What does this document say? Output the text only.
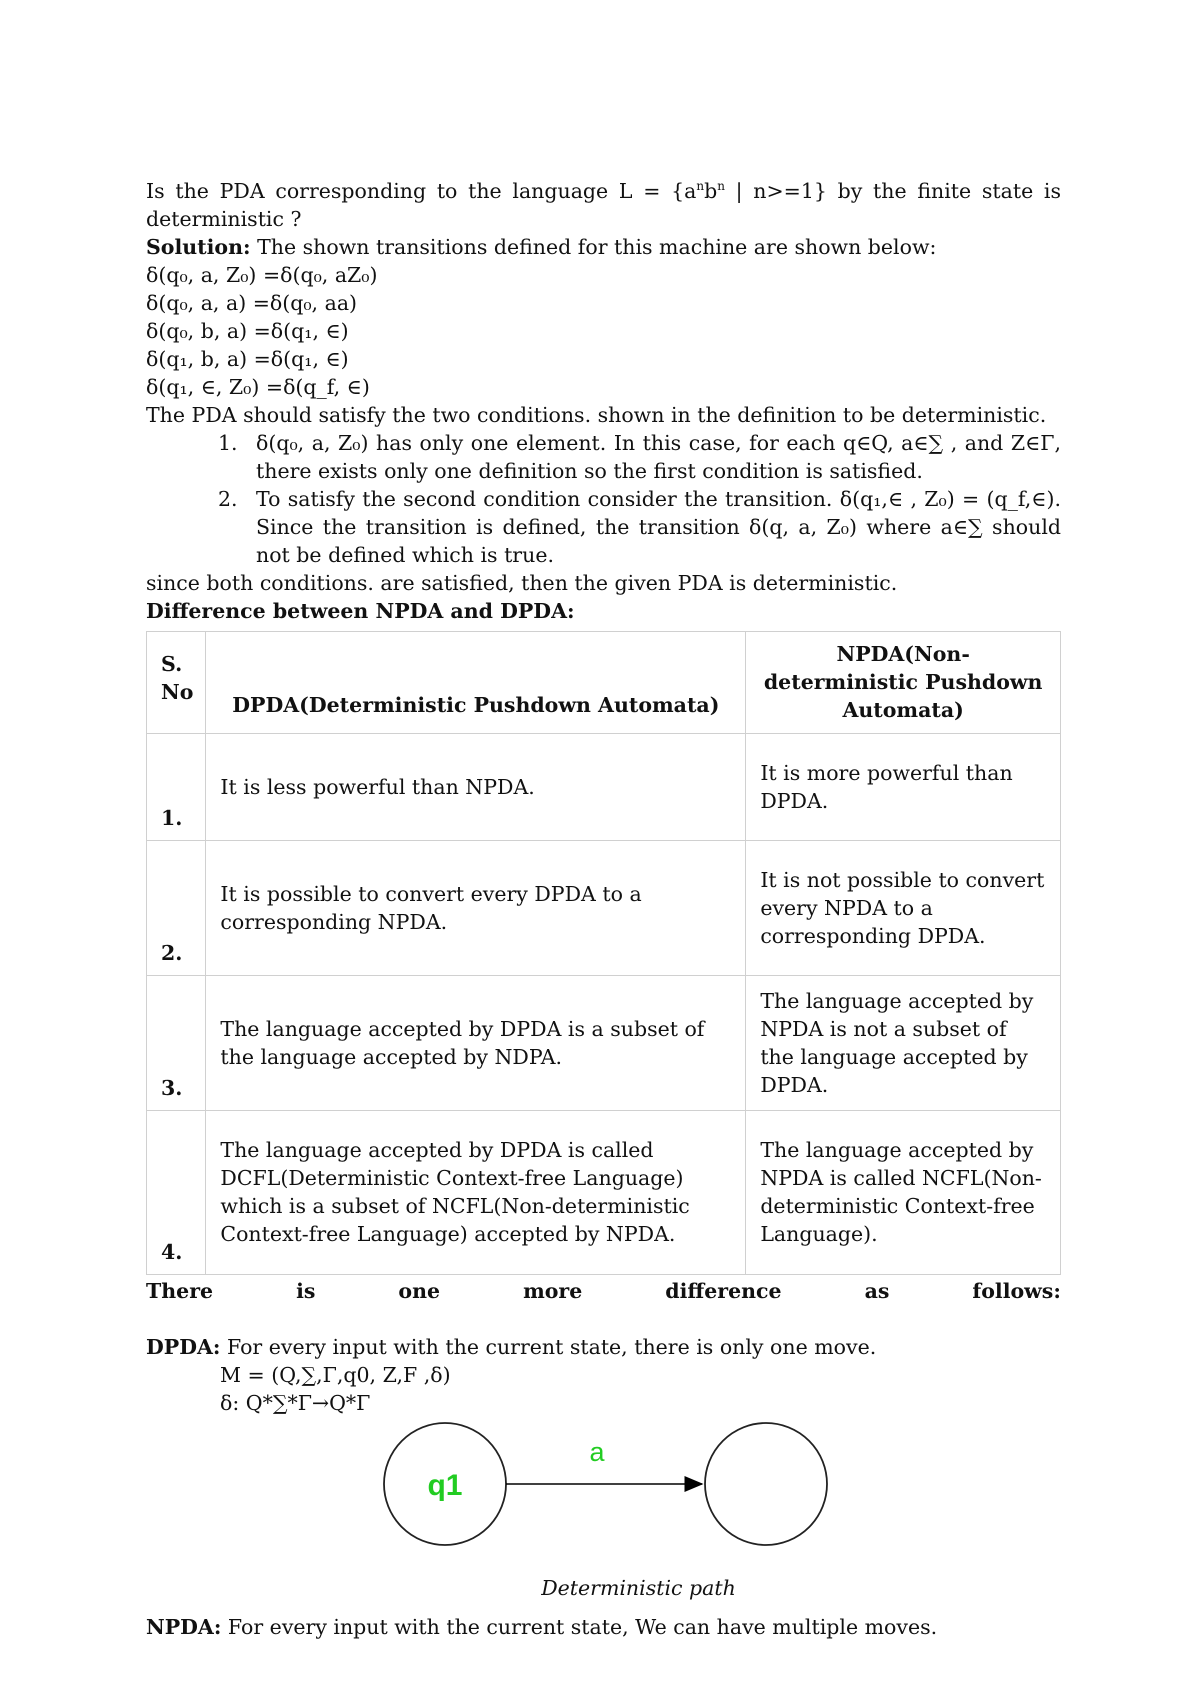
Is the PDA corresponding to the language $L = \{a^nb^n$ | n>=1} by the finite state is deterministic ?

Solution: The shown transitions defined for this machine are shown below:

δ(q₀, a, Z₀) =δ(q₀, aZ₀)

δ(q₀, a, a) =δ(q₀, aa)

δ(q₀, b, a) =δ(q₁, ∈)

δ(q₁, b, a) =δ(q₁, ∈)

δ(q₁, ∈, Z₀) =δ(q_f, ∈)

The PDA should satisfy the two conditions. shown in the definition to be deterministic.

1. δ(q₀, a, Z₀) has only one element. In this case, for each q∈Q, a∈∑ , and Z∈Γ, there exists only one definition so the first condition is satisfied.
2. To satisfy the second condition consider the transition. δ(q₁,∈ , Z₀) = (q_f,∈). Since the transition is defined, the transition δ(q, a, Z₀) where a∈∑ should not be defined which is true.

since both conditions. are satisfied, then the given PDA is deterministic.

Difference between NPDA and DPDA:

S. No	DPDA(Deterministic Pushdown Automata)	NPDA(Non-deterministic Pushdown Automata)
1.	It is less powerful than NPDA.	It is more powerful than DPDA.
2.	It is possible to convert every DPDA to a corresponding NPDA.	It is not possible to convert every NPDA to a corresponding DPDA.
3.	The language accepted by DPDA is a subset of the language accepted by NDPA.	The language accepted by NPDA is not a subset of the language accepted by DPDA.
4.	The language accepted by DPDA is called DCFL(Deterministic Context-free Language) which is a subset of NCFL(Non-deterministic Context-free Language) accepted by NPDA.	The language accepted by NPDA is called NCFL(Non-deterministic Context-free Language).
There	is	one	more	difference	as	follows:

DPDA: For every input with the current state, there is only one move.

M = (Q,∑,Γ,q0, Z,F ,δ)

δ: Q*∑*Γ→Q*Γ

q1
a

Deterministic path

NPDA: For every input with the current state, We can have multiple moves.
